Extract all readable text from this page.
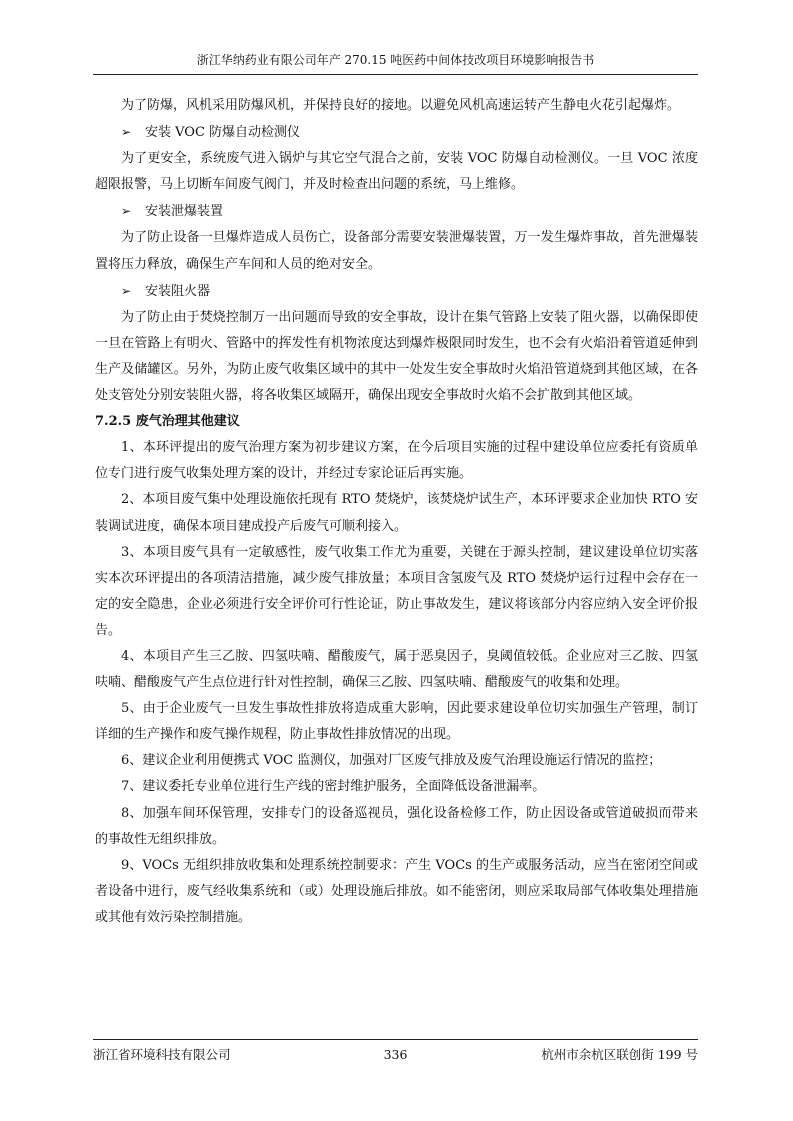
浙江华纳药业有限公司年产 270.15 吨医药中间体技改项目环境影响报告书

为了防爆，风机采用防爆风机，并保持良好的接地。以避免风机高速运转产生静电火花引起爆炸。

➢ 安装 VOC 防爆自动检测仪

为了更安全，系统废气进入锅炉与其它空气混合之前，安装 VOC 防爆自动检测仪。一旦 VOC 浓度超限报警，马上切断车间废气阀门，并及时检查出问题的系统，马上维修。

➢ 安装泄爆装置

为了防止设备一旦爆炸造成人员伤亡，设备部分需要安装泄爆装置，万一发生爆炸事故，首先泄爆装置将压力释放，确保生产车间和人员的绝对安全。

➢ 安装阻火器

为了防止由于焚烧控制万一出问题而导致的安全事故，设计在集气管路上安装了阻火器，以确保即使一旦在管路上有明火、管路中的挥发性有机物浓度达到爆炸极限同时发生，也不会有火焰沿着管道延伸到生产及储罐区。另外，为防止废气收集区域中的其中一处发生安全事故时火焰沿管道烧到其他区域，在各处支管处分别安装阻火器，将各收集区域隔开，确保出现安全事故时火焰不会扩散到其他区域。

7.2.5 废气治理其他建议

1、本环评提出的废气治理方案为初步建议方案，在今后项目实施的过程中建设单位应委托有资质单位专门进行废气收集处理方案的设计，并经过专家论证后再实施。

2、本项目废气集中处理设施依托现有 RTO 焚烧炉，该焚烧炉试生产，本环评要求企业加快 RTO 安装调试进度，确保本项目建成投产后废气可顺利接入。

3、本项目废气具有一定敏感性，废气收集工作尤为重要，关键在于源头控制，建议建设单位切实落实本次环评提出的各项清洁措施，减少废气排放量；本项目含氢废气及 RTO 焚烧炉运行过程中会存在一定的安全隐患，企业必须进行安全评价可行性论证，防止事故发生，建议将该部分内容应纳入安全评价报告。

4、本项目产生三乙胺、四氢呋喃、醋酸废气，属于恶臭因子，臭阈值较低。企业应对三乙胺、四氢呋喃、醋酸废气产生点位进行针对性控制，确保三乙胺、四氢呋喃、醋酸废气的收集和处理。

5、由于企业废气一旦发生事故性排放将造成重大影响，因此要求建设单位切实加强生产管理，制订详细的生产操作和废气操作规程，防止事故性排放情况的出现。

6、建议企业利用便携式 VOC 监测仪，加强对厂区废气排放及废气治理设施运行情况的监控；

7、建议委托专业单位进行生产线的密封维护服务，全面降低设备泄漏率。

8、加强车间环保管理，安排专门的设备巡视员，强化设备检修工作，防止因设备或管道破损而带来的事故性无组织排放。

9、VOCs 无组织排放收集和处理系统控制要求：产生 VOCs 的生产或服务活动，应当在密闭空间或者设备中进行，废气经收集系统和（或）处理设施后排放。如不能密闭，则应采取局部气体收集处理措施或其他有效污染控制措施。

浙江省环境科技有限公司	336	杭州市余杭区联创街 199 号
